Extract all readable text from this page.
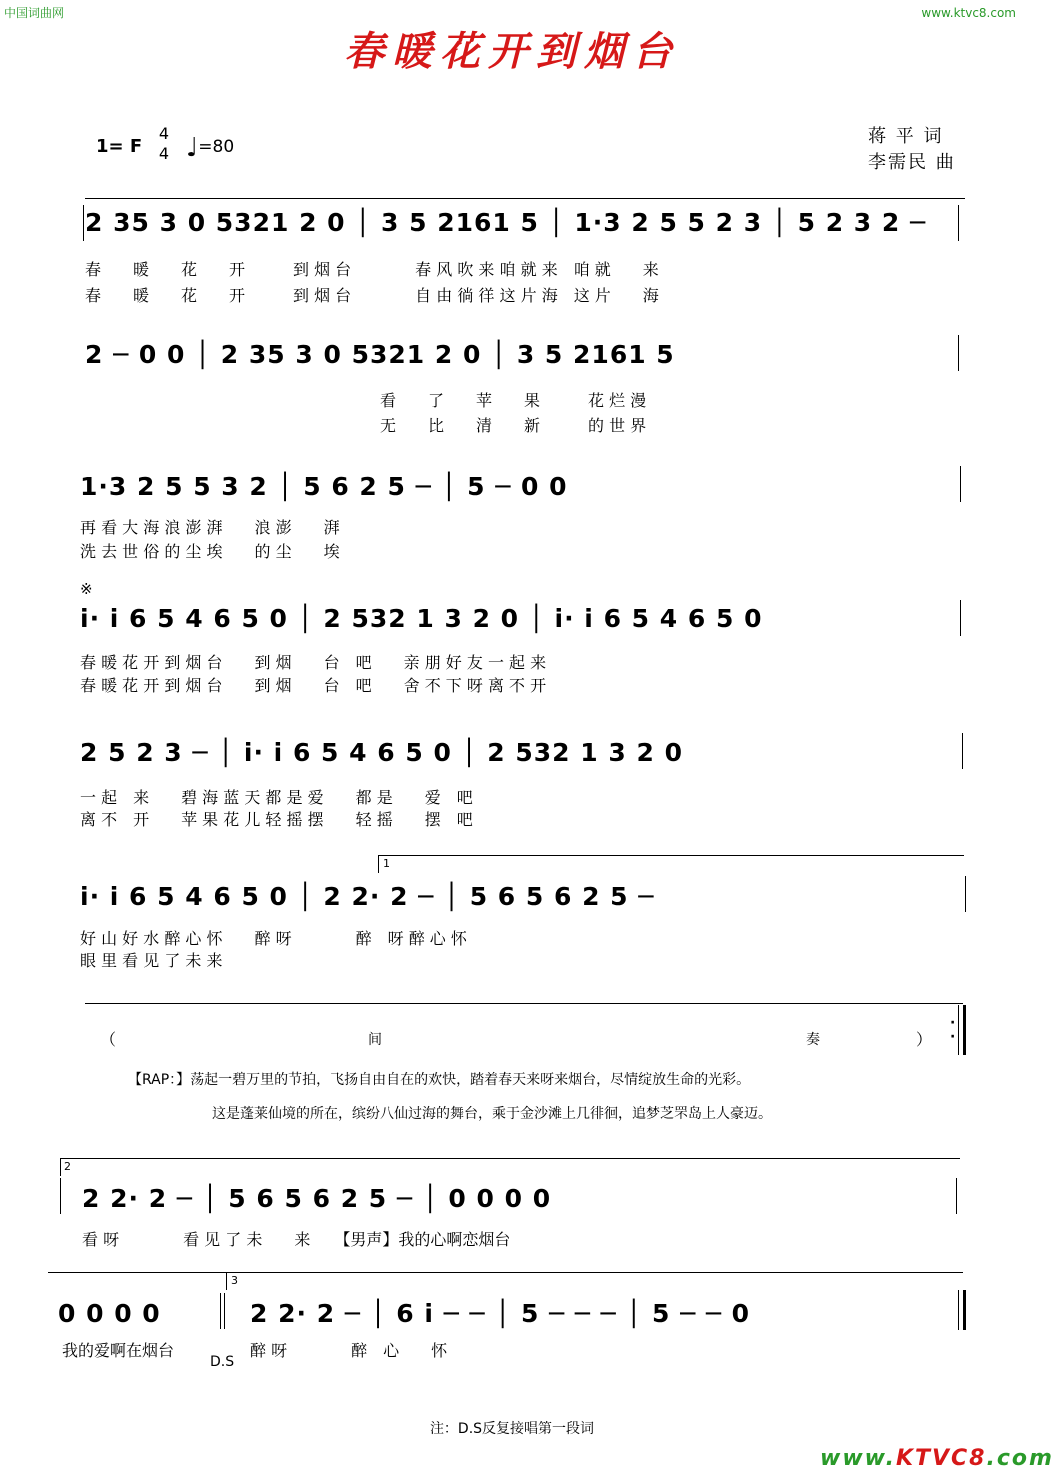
中国词曲网	www.ktvc8.com
春暖花开到烟台
1= F
4
4 ♩=80	蒋 平 词
李需民 曲
2 35 3 0 5321 2 0 │ 3 5 2161 5 │ 1·3 2 5 5 2 3 │ 5 2 3 2 ─
春　　暖　　花　　开　　　到 烟 台　　　　春 风 吹 来 咱 就 来　咱 就　　来
春　　暖　　花　　开　　　到 烟 台　　　　自 由 徜 徉 这 片 海　这 片　　海
2 ─ 0 0 │ 2 35 3 0 5321 2 0 │ 3 5 2161 5
看　　了　　苹　　果　　　花 烂 漫
无　　比　　清　　新　　　的 世 界
1·3 2 5 5 3 2 │ 5 6 2 5 ─ │ 5 ─ 0 0
再 看 大 海 浪 澎 湃　　浪 澎　　湃
洗 去 世 俗 的 尘 埃　　的 尘　　埃
※
i· i 6 5 4 6 5 0 │ 2 532 1 3 2 0 │ i· i 6 5 4 6 5 0
春 暖 花 开 到 烟 台　　到 烟　　台　吧　　亲 朋 好 友 一 起 来
春 暖 花 开 到 烟 台　　到 烟　　台　吧　　舍 不 下 呀 离 不 开
2 5 2 3 ─ │ i· i 6 5 4 6 5 0 │ 2 532 1 3 2 0
一 起　来　　碧 海 蓝 天 都 是 爱　　都 是　　爱　吧
离 不　开　　苹 果 花 儿 轻 摇 摆　　轻 摇　　摆　吧
1
i· i 6 5 4 6 5 0 │ 2 2· 2 ─ │ 5 6 5 6 2 5 ─
好 山 好 水 醉 心 怀　　醉 呀　　　　醉　呀 醉 心 怀
眼 里 看 见 了 未 来
（	间	奏	）
·
·
【RAP：】荡起一碧万里的节拍，飞扬自由自在的欢快，踏着春天来呀来烟台，尽情绽放生命的光彩。
这是蓬莱仙境的所在，缤纷八仙过海的舞台，乘于金沙滩上几徘徊，追梦芝罘岛上人豪迈。
2
2 2· 2 ─ │ 5 6 5 6 2 5 ─ │ 0 0 0 0
看 呀　　　　看 见 了 未　　来　　【男声】我的心啊恋烟台
3
0 0 0 0	2 2· 2 ─ │ 6 i ─ ─ │ 5 ─ ─ ─ │ 5 ─ ─ 0
我的爱啊在烟台
D.S
醉 呀　　　　醉　心　　怀
注：D.S反复接唱第一段词
www.KTVC8.com
